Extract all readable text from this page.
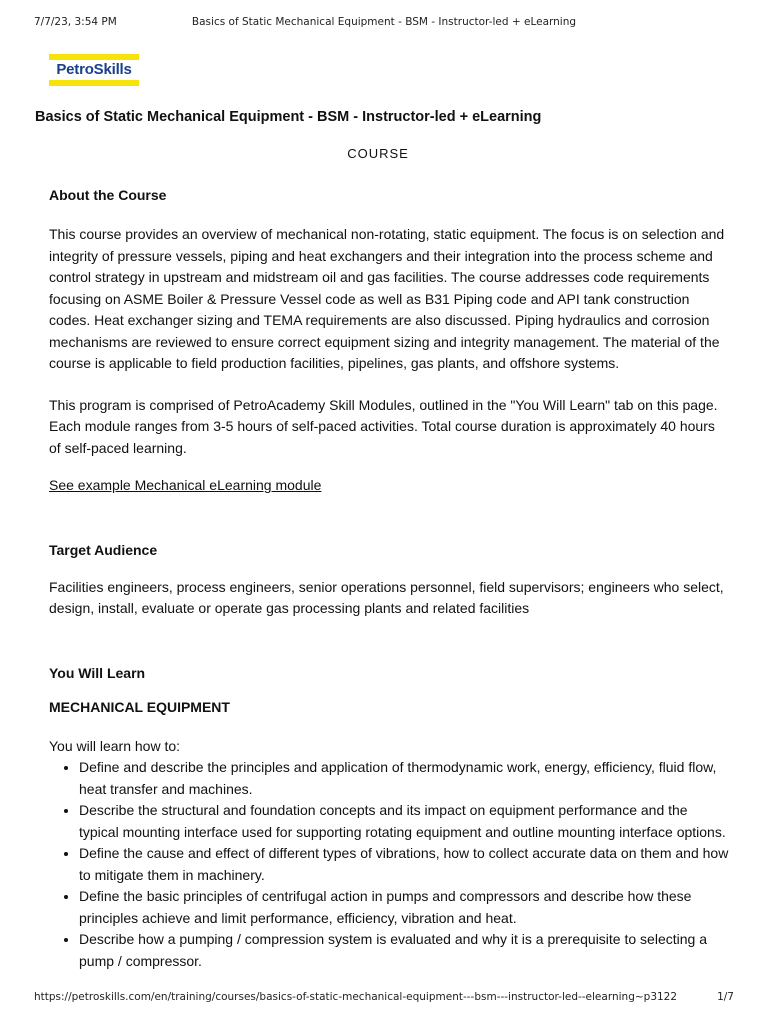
7/7/23, 3:54 PM	Basics of Static Mechanical Equipment - BSM - Instructor-led + eLearning
PetroSkills
Basics of Static Mechanical Equipment - BSM - Instructor-led + eLearning
COURSE
About the Course

This course provides an overview of mechanical non-rotating, static equipment. The focus is on selection and integrity of pressure vessels, piping and heat exchangers and their integration into the process scheme and control strategy in upstream and midstream oil and gas facilities. The course addresses code requirements focusing on ASME Boiler & Pressure Vessel code as well as B31 Piping code and API tank construction codes. Heat exchanger sizing and TEMA requirements are also discussed. Piping hydraulics and corrosion mechanisms are reviewed to ensure correct equipment sizing and integrity management. The material of the course is applicable to field production facilities, pipelines, gas plants, and offshore systems.

This program is comprised of PetroAcademy Skill Modules, outlined in the "You Will Learn" tab on this page. Each module ranges from 3-5 hours of self-paced activities. Total course duration is approximately 40 hours of self-paced learning.

See example Mechanical eLearning module

Target Audience

Facilities engineers, process engineers, senior operations personnel, field supervisors; engineers who select, design, install, evaluate or operate gas processing plants and related facilities

You Will Learn
MECHANICAL EQUIPMENT

You will learn how to:

• Define and describe the principles and application of thermodynamic work, energy, efficiency, fluid flow, heat transfer and machines.
• Describe the structural and foundation concepts and its impact on equipment performance and the typical mounting interface used for supporting rotating equipment and outline mounting interface options.
• Define the cause and effect of different types of vibrations, how to collect accurate data on them and how to mitigate them in machinery.
• Define the basic principles of centrifugal action in pumps and compressors and describe how these principles achieve and limit performance, efficiency, vibration and heat.
• Describe how a pumping / compression system is evaluated and why it is a prerequisite to selecting a pump / compressor.
https://petroskills.com/en/training/courses/basics-of-static-mechanical-equipment---bsm---instructor-led--elearning~p3122	1/7
